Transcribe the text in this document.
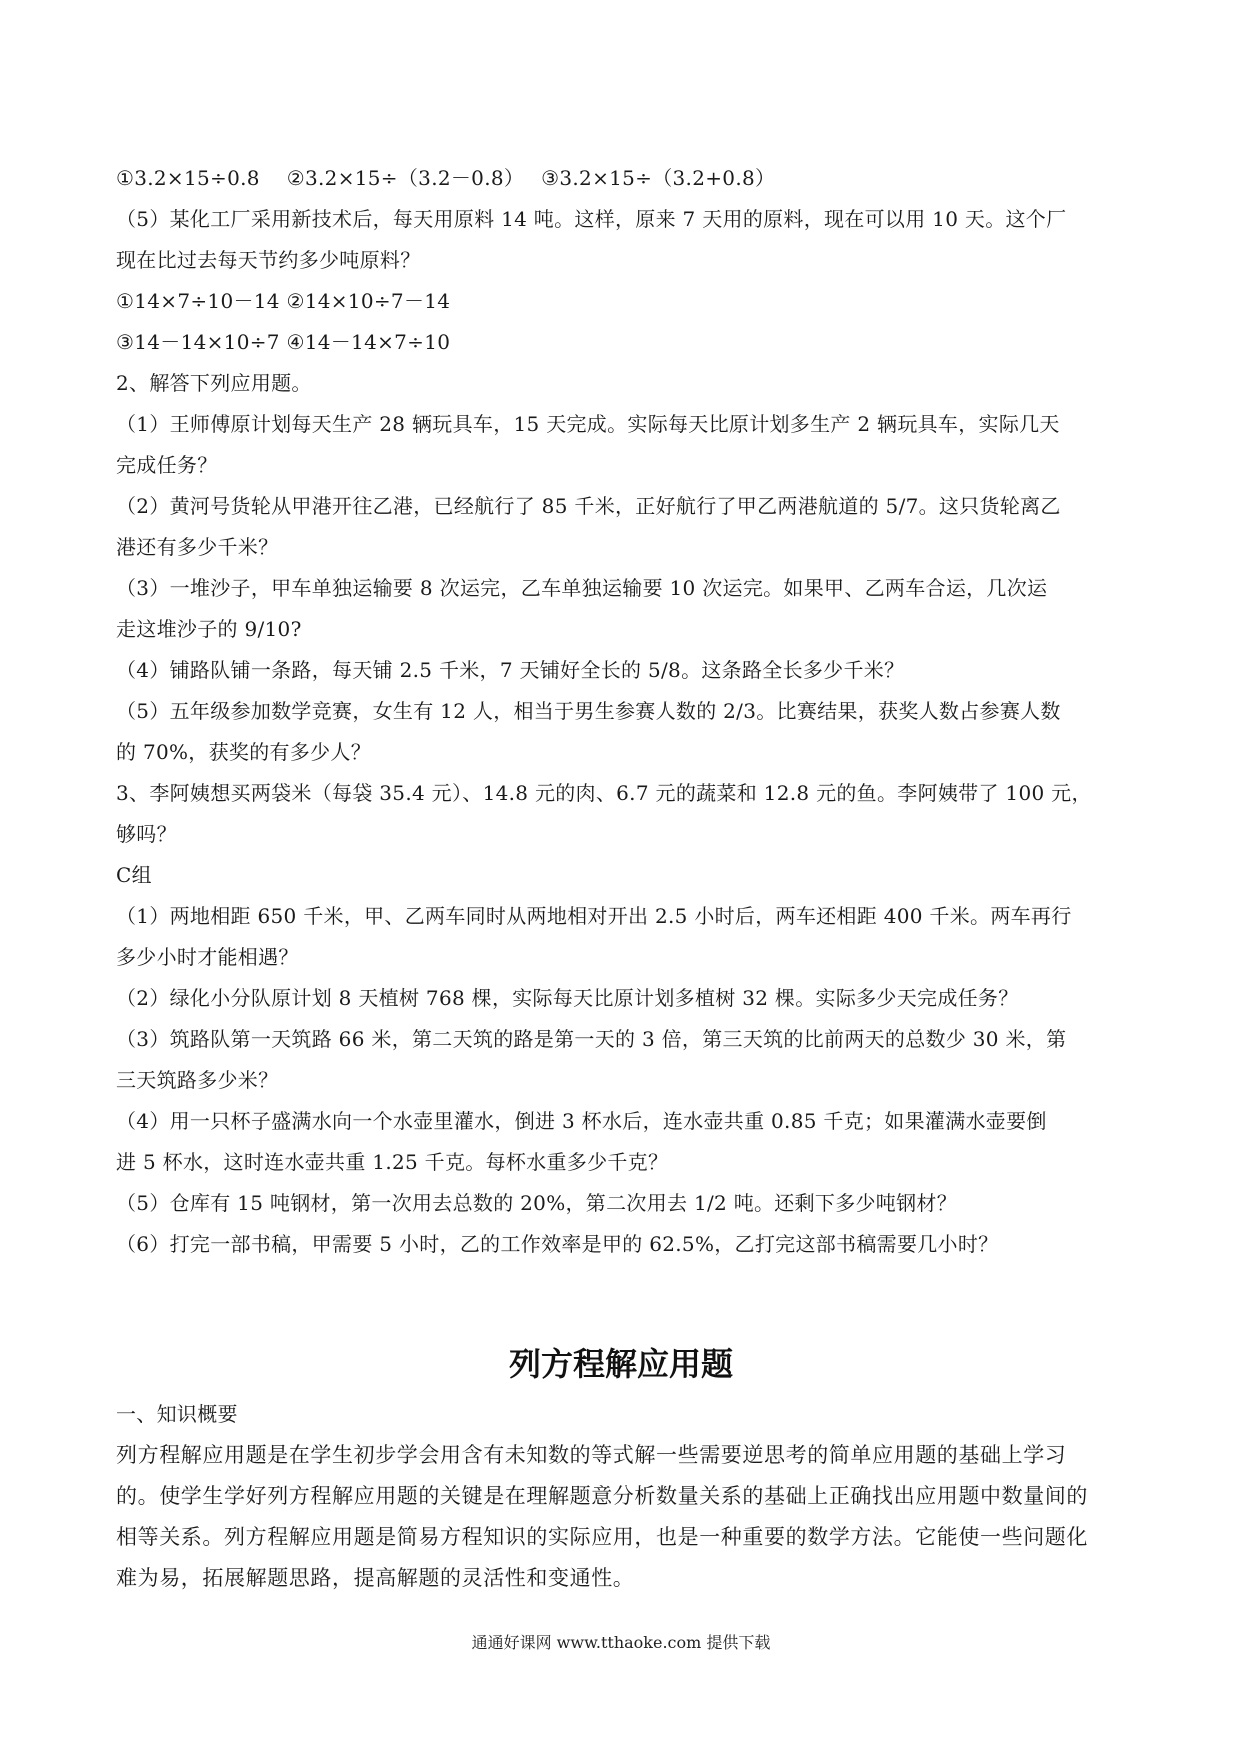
①3.2×15÷0.8　 ②3.2×15÷（3.2－0.8）　 ③3.2×15÷（3.2+0.8）
（5）某化工厂采用新技术后，每天用原料 14 吨。这样，原来 7 天用的原料，现在可以用 10 天。这个厂
现在比过去每天节约多少吨原料？
①14×7÷10－14 ②14×10÷7－14
③14－14×10÷7 ④14－14×7÷10
2、解答下列应用题。
（1）王师傅原计划每天生产 28 辆玩具车，15 天完成。实际每天比原计划多生产 2 辆玩具车，实际几天
完成任务？
（2）黄河号货轮从甲港开往乙港，已经航行了 85 千米，正好航行了甲乙两港航道的 5/7。这只货轮离乙
港还有多少千米？
（3）一堆沙子，甲车单独运输要 8 次运完，乙车单独运输要 10 次运完。如果甲、乙两车合运，几次运
走这堆沙子的 9/10?
（4）铺路队铺一条路，每天铺 2.5 千米，7 天铺好全长的 5/8。这条路全长多少千米？
（5）五年级参加数学竞赛，女生有 12 人，相当于男生参赛人数的 2/3。比赛结果，获奖人数占参赛人数
的 70%，获奖的有多少人？
3、李阿姨想买两袋米（每袋 35.4 元）、14.8 元的肉、6.7 元的蔬菜和 12.8 元的鱼。李阿姨带了 100 元，
够吗？
C组
（1）两地相距 650 千米，甲、乙两车同时从两地相对开出 2.5 小时后，两车还相距 400 千米。两车再行
多少小时才能相遇？
（2）绿化小分队原计划 8 天植树 768 棵，实际每天比原计划多植树 32 棵。实际多少天完成任务？
（3）筑路队第一天筑路 66 米，第二天筑的路是第一天的 3 倍，第三天筑的比前两天的总数少 30 米，第
三天筑路多少米？
（4）用一只杯子盛满水向一个水壶里灌水，倒进 3 杯水后，连水壶共重 0.85 千克；如果灌满水壶要倒
进 5 杯水，这时连水壶共重 1.25 千克。每杯水重多少千克？
（5）仓库有 15 吨钢材，第一次用去总数的 20%，第二次用去 1/2 吨。还剩下多少吨钢材？
（6）打完一部书稿，甲需要 5 小时，乙的工作效率是甲的 62.5%，乙打完这部书稿需要几小时？
列方程解应用题
一、知识概要
列方程解应用题是在学生初步学会用含有未知数的等式解一些需要逆思考的简单应用题的基础上学习
的。使学生学好列方程解应用题的关键是在理解题意分析数量关系的基础上正确找出应用题中数量间的
相等关系。列方程解应用题是简易方程知识的实际应用，也是一种重要的数学方法。它能使一些问题化
难为易，拓展解题思路，提高解题的灵活性和变通性。
通通好课网 www.tthaoke.com 提供下载
